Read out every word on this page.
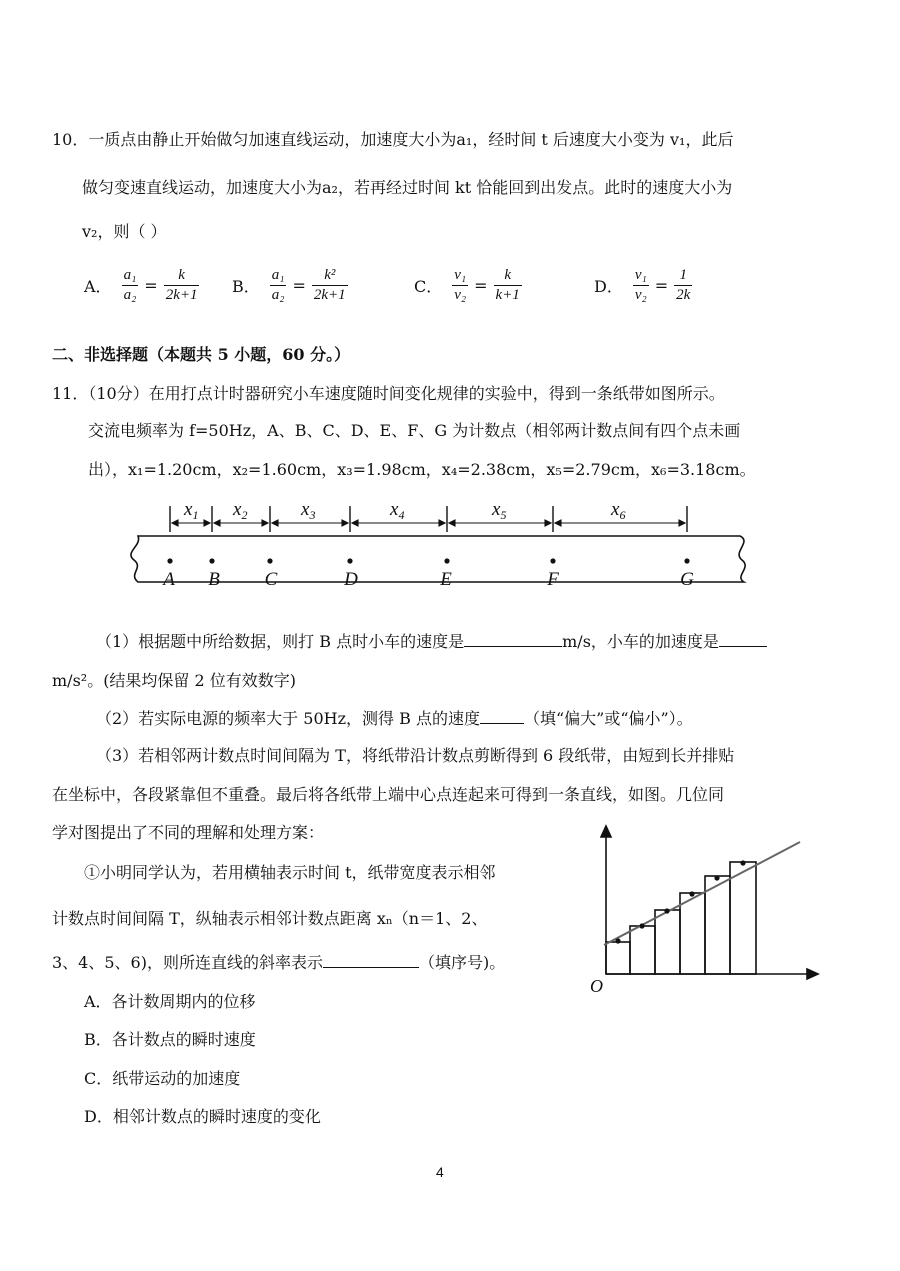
10．一质点由静止开始做匀加速直线运动，加速度大小为a₁，经时间 t 后速度大小变为 v₁，此后
做匀变速直线运动，加速度大小为a₂，若再经过时间 kt 恰能回到出发点。此时的速度大小为
v₂，则（ ）
A． $\frac{\text{a₁}}{\text{a₂}} = \frac{k}{2k+1}$ B． $\frac{\text{a₁}}{\text{a₂}} = \frac{\text{k²}}{2k+1}$	C． $\frac{\text{v₁}}{\text{v₂}} = \frac{k}{k+1}$	D． $\frac{\text{v₁}}{\text{v₂}} = \frac{1}{2k}$
二、非选择题（本题共 5 小题，60 分。）
11．（10分）在用打点计时器研究小车速度随时间变化规律的实验中，得到一条纸带如图所示。
交流电频率为 f=50Hz，A、B、C、D、E、F、G 为计数点（相邻两计数点间有四个点未画
出），x₁=1.20cm，x₂=1.60cm，x₃=1.98cm，x₄=2.38cm，x₅=2.79cm，x₆=3.18cm。
$x_1$ $x_2$	$x_3$	$x_4$	$x_5$	$x_6$
A B C	D	E	F	G
（1）根据题中所给数据，则打 B 点时小车的速度是	m/s，小车的加速度是
m/s²。(结果均保留 2 位有效数字)
（2）若实际电源的频率大于 50Hz，测得 B 点的速度	（填“偏大”或“偏小”）。
（3）若相邻两计数点时间间隔为 T，将纸带沿计数点剪断得到 6 段纸带，由短到长并排贴
在坐标中，各段紧靠但不重叠。最后将各纸带上端中心点连起来可得到一条直线，如图。几位同
学对图提出了不同的理解和处理方案：
①小明同学认为，若用横轴表示时间 t，纸带宽度表示相邻
计数点时间间隔 T，纵轴表示相邻计数点距离 xₙ（n＝1、2、
3、4、5、6)，则所连直线的斜率表示	（填序号)。
A．各计数周期内的位移
B．各计数点的瞬时速度
C．纸带运动的加速度
D．相邻计数点的瞬时速度的变化
O
4
